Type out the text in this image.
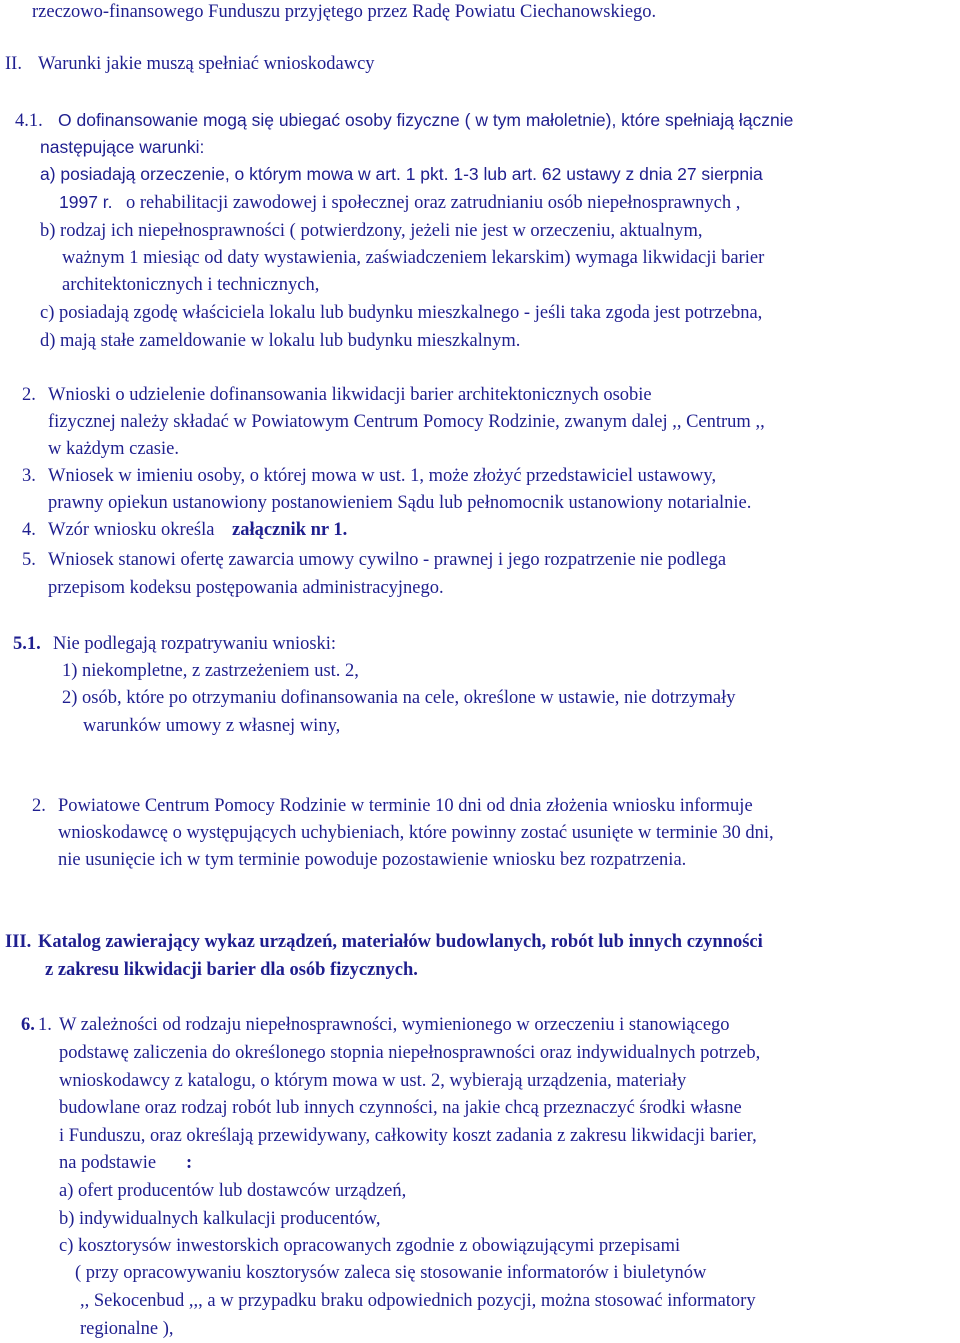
rzeczowo-finansowego Funduszu przyjętego przez Radę Powiatu Ciechanowskiego.
II. Warunki jakie muszą spełniać wnioskodawcy
4.1. O dofinansowanie mogą się ubiegać osoby fizyczne ( w tym małoletnie), które spełniają łącznie
następujące warunki:
a) posiadają orzeczenie, o którym mowa w art. 1 pkt. 1-3 lub art. 62 ustawy z dnia 27 sierpnia
1997 r. o rehabilitacji zawodowej i społecznej oraz zatrudnianiu osób niepełnosprawnych ,
b) rodzaj ich niepełnosprawności ( potwierdzony, jeżeli nie jest w orzeczeniu, aktualnym,
ważnym 1 miesiąc od daty wystawienia, zaświadczeniem lekarskim) wymaga likwidacji barier
architektonicznych i technicznych,
c) posiadają zgodę właściciela lokalu lub budynku mieszkalnego - jeśli taka zgoda jest potrzebna,
d) mają stałe zameldowanie w lokalu lub budynku mieszkalnym.
2. Wnioski o udzielenie dofinansowania likwidacji barier architektonicznych osobie
fizycznej należy składać w Powiatowym Centrum Pomocy Rodzinie, zwanym dalej ,, Centrum ,,
w każdym czasie.
3. Wniosek w imieniu osoby, o której mowa w ust. 1, może złożyć przedstawiciel ustawowy,
prawny opiekun ustanowiony postanowieniem Sądu lub pełnomocnik ustanowiony notarialnie.
4. Wzór wniosku określa załącznik nr 1.
5. Wniosek stanowi ofertę zawarcia umowy cywilno - prawnej i jego rozpatrzenie nie podlega
przepisom kodeksu postępowania administracyjnego.
5.1. Nie podlegają rozpatrywaniu wnioski:
1) niekompletne, z zastrzeżeniem ust. 2,
2) osób, które po otrzymaniu dofinansowania na cele, określone w ustawie, nie dotrzymały
warunków umowy z własnej winy,
2. Powiatowe Centrum Pomocy Rodzinie w terminie 10 dni od dnia złożenia wniosku informuje
wnioskodawcę o występujących uchybieniach, które powinny zostać usunięte w terminie 30 dni,
nie usunięcie ich w tym terminie powoduje pozostawienie wniosku bez rozpatrzenia.
III. Katalog zawierający wykaz urządzeń, materiałów budowlanych, robót lub innych czynności
z zakresu likwidacji barier dla osób fizycznych.
6. 1. W zależności od rodzaju niepełnosprawności, wymienionego w orzeczeniu i stanowiącego
podstawę zaliczenia do określonego stopnia niepełnosprawności oraz indywidualnych potrzeb,
wnioskodawcy z katalogu, o którym mowa w ust. 2, wybierają urządzenia, materiały
budowlane oraz rodzaj robót lub innych czynności, na jakie chcą przeznaczyć środki własne
i Funduszu, oraz określają przewidywany, całkowity koszt zadania z zakresu likwidacji barier,
na podstawie :
a) ofert producentów lub dostawców urządzeń,
b) indywidualnych kalkulacji producentów,
c) kosztorysów inwestorskich opracowanych zgodnie z obowiązującymi przepisami
( przy opracowywaniu kosztorysów zaleca się stosowanie informatorów i biuletynów
,, Sekocenbud ,,, a w przypadku braku odpowiednich pozycji, można stosować informatory
regionalne ),
